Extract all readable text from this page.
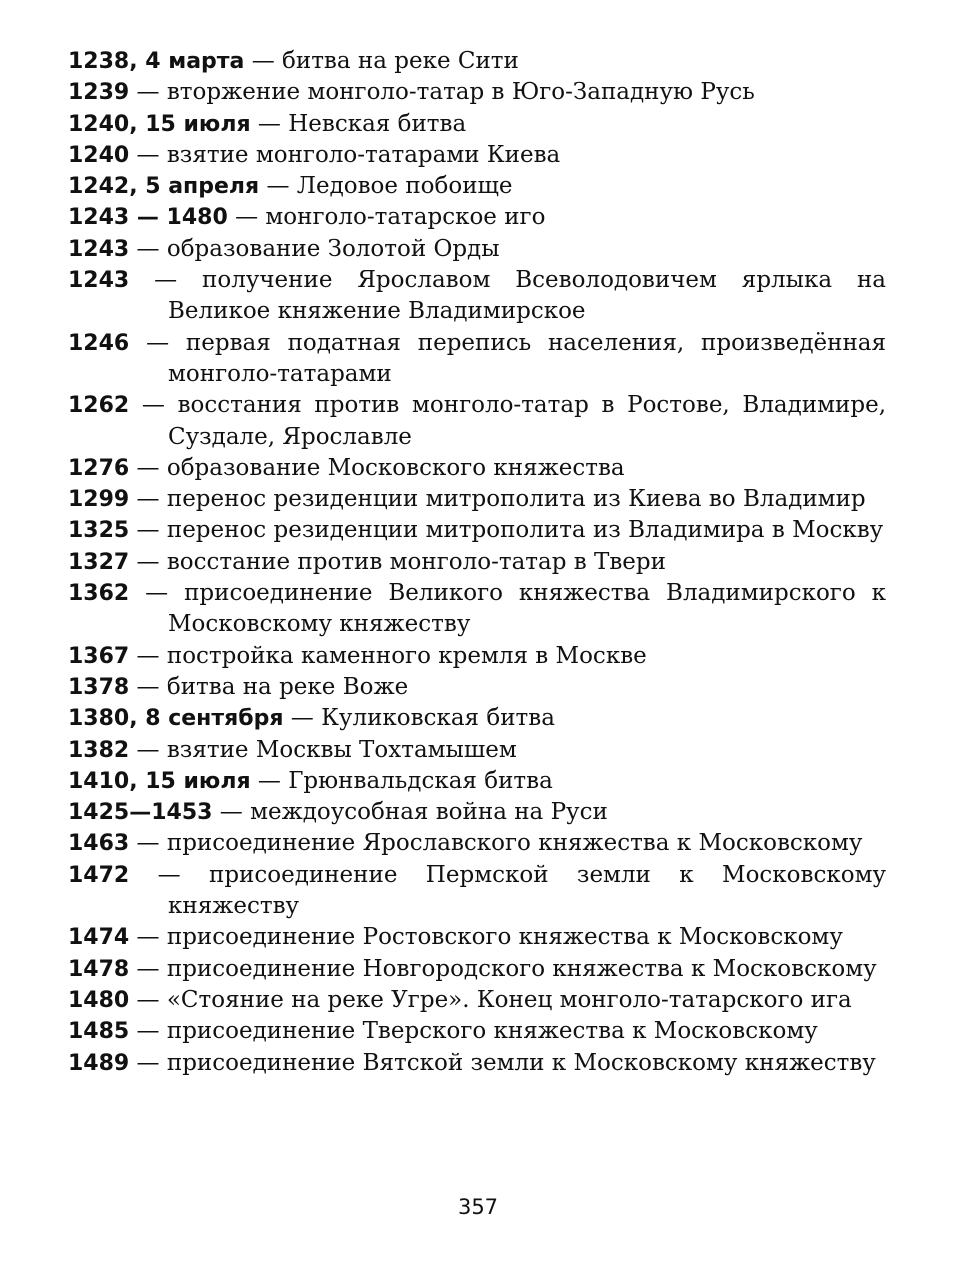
1238, 4 марта — битва на реке Сити
1239 — вторжение монголо-татар в Юго-Западную Русь
1240, 15 июля — Невская битва
1240 — взятие монголо-татарами Киева
1242, 5 апреля — Ледовое побоище
1243 — 1480 — монголо-татарское иго
1243 — образование Золотой Орды
1243 — получение Ярославом Всеволодовичем ярлыка на Великое княжение Владимирское
1246 — первая податная перепись населения, произведённая монголо-татарами
1262 — восстания против монголо-татар в Ростове, Владимире, Суздале, Ярославле
1276 — образование Московского княжества
1299 — перенос резиденции митрополита из Киева во Владимир
1325 — перенос резиденции митрополита из Владимира в Москву
1327 — восстание против монголо-татар в Твери
1362 — присоединение Великого княжества Владимирского к Московскому княжеству
1367 — постройка каменного кремля в Москве
1378 — битва на реке Воже
1380, 8 сентября — Куликовская битва
1382 — взятие Москвы Тохтамышем
1410, 15 июля — Грюнвальдская битва
1425—1453 — междоусобная война на Руси
1463 — присоединение Ярославского княжества к Московскому
1472 — присоединение Пермской земли к Московскому княжеству
1474 — присоединение Ростовского княжества к Московскому
1478 — присоединение Новгородского княжества к Московскому
1480 — «Стояние на реке Угре». Конец монголо-татарского ига
1485 — присоединение Тверского княжества к Московскому
1489 — присоединение Вятской земли к Московскому княжеству
357
